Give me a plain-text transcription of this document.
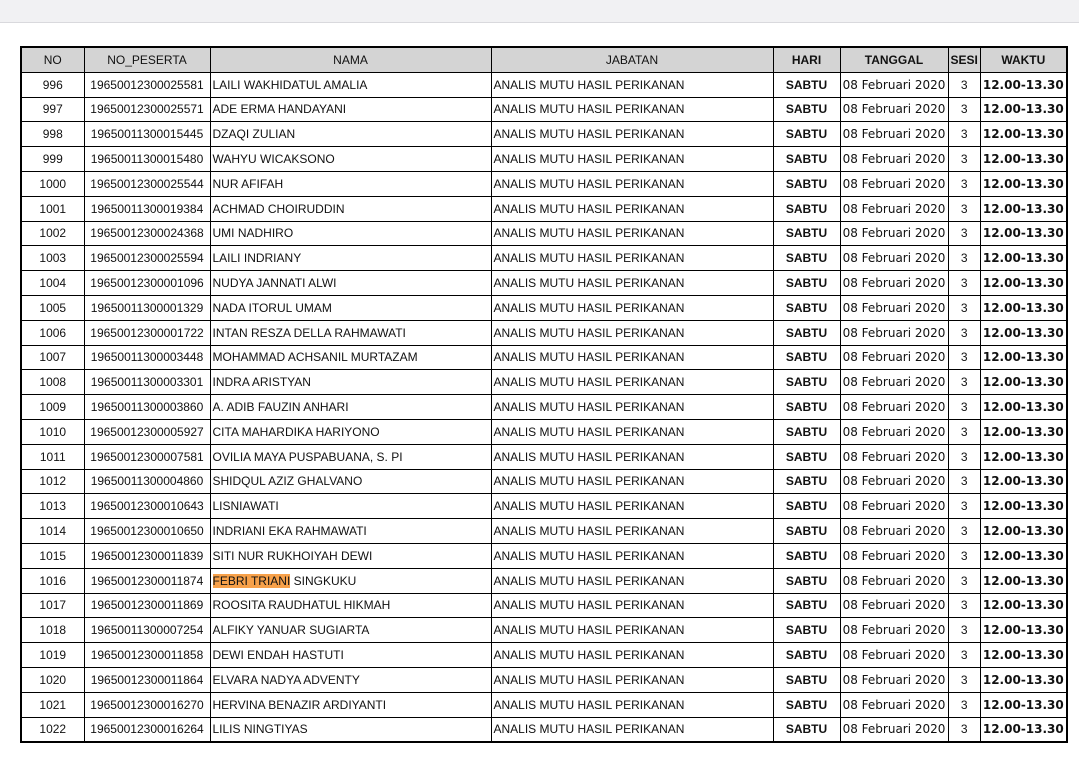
NO	NO_PESERTA	NAMA	JABATAN	HARI	TANGGAL	SESI	WAKTU
996	19650012300025581	LAILI WAKHIDATUL AMALIA	ANALIS MUTU HASIL PERIKANAN	SABTU	08 Februari 2020	3	12.00-13.30
997	19650012300025571	ADE ERMA HANDAYANI	ANALIS MUTU HASIL PERIKANAN	SABTU	08 Februari 2020	3	12.00-13.30
998	19650011300015445	DZAQI ZULIAN	ANALIS MUTU HASIL PERIKANAN	SABTU	08 Februari 2020	3	12.00-13.30
999	19650011300015480	WAHYU WICAKSONO	ANALIS MUTU HASIL PERIKANAN	SABTU	08 Februari 2020	3	12.00-13.30
1000	19650012300025544	NUR AFIFAH	ANALIS MUTU HASIL PERIKANAN	SABTU	08 Februari 2020	3	12.00-13.30
1001	19650011300019384	ACHMAD CHOIRUDDIN	ANALIS MUTU HASIL PERIKANAN	SABTU	08 Februari 2020	3	12.00-13.30
1002	19650012300024368	UMI NADHIRO	ANALIS MUTU HASIL PERIKANAN	SABTU	08 Februari 2020	3	12.00-13.30
1003	19650012300025594	LAILI INDRIANY	ANALIS MUTU HASIL PERIKANAN	SABTU	08 Februari 2020	3	12.00-13.30
1004	19650012300001096	NUDYA JANNATI ALWI	ANALIS MUTU HASIL PERIKANAN	SABTU	08 Februari 2020	3	12.00-13.30
1005	19650011300001329	NADA ITORUL UMAM	ANALIS MUTU HASIL PERIKANAN	SABTU	08 Februari 2020	3	12.00-13.30
1006	19650012300001722	INTAN RESZA DELLA RAHMAWATI	ANALIS MUTU HASIL PERIKANAN	SABTU	08 Februari 2020	3	12.00-13.30
1007	19650011300003448	MOHAMMAD ACHSANIL MURTAZAM	ANALIS MUTU HASIL PERIKANAN	SABTU	08 Februari 2020	3	12.00-13.30
1008	19650011300003301	INDRA ARISTYAN	ANALIS MUTU HASIL PERIKANAN	SABTU	08 Februari 2020	3	12.00-13.30
1009	19650011300003860	A. ADIB FAUZIN ANHARI	ANALIS MUTU HASIL PERIKANAN	SABTU	08 Februari 2020	3	12.00-13.30
1010	19650012300005927	CITA MAHARDIKA HARIYONO	ANALIS MUTU HASIL PERIKANAN	SABTU	08 Februari 2020	3	12.00-13.30
1011	19650012300007581	OVILIA MAYA PUSPABUANA, S. PI	ANALIS MUTU HASIL PERIKANAN	SABTU	08 Februari 2020	3	12.00-13.30
1012	19650011300004860	SHIDQUL AZIZ GHALVANO	ANALIS MUTU HASIL PERIKANAN	SABTU	08 Februari 2020	3	12.00-13.30
1013	19650012300010643	LISNIAWATI	ANALIS MUTU HASIL PERIKANAN	SABTU	08 Februari 2020	3	12.00-13.30
1014	19650012300010650	INDRIANI EKA RAHMAWATI	ANALIS MUTU HASIL PERIKANAN	SABTU	08 Februari 2020	3	12.00-13.30
1015	19650012300011839	SITI NUR RUKHOIYAH DEWI	ANALIS MUTU HASIL PERIKANAN	SABTU	08 Februari 2020	3	12.00-13.30
1016	19650012300011874	FEBRI TRIANI SINGKUKU	ANALIS MUTU HASIL PERIKANAN	SABTU	08 Februari 2020	3	12.00-13.30
1017	19650012300011869	ROOSITA RAUDHATUL HIKMAH	ANALIS MUTU HASIL PERIKANAN	SABTU	08 Februari 2020	3	12.00-13.30
1018	19650011300007254	ALFIKY YANUAR SUGIARTA	ANALIS MUTU HASIL PERIKANAN	SABTU	08 Februari 2020	3	12.00-13.30
1019	19650012300011858	DEWI ENDAH HASTUTI	ANALIS MUTU HASIL PERIKANAN	SABTU	08 Februari 2020	3	12.00-13.30
1020	19650012300011864	ELVARA NADYA ADVENTY	ANALIS MUTU HASIL PERIKANAN	SABTU	08 Februari 2020	3	12.00-13.30
1021	19650012300016270	HERVINA BENAZIR ARDIYANTI	ANALIS MUTU HASIL PERIKANAN	SABTU	08 Februari 2020	3	12.00-13.30
1022	19650012300016264	LILIS NINGTIYAS	ANALIS MUTU HASIL PERIKANAN	SABTU	08 Februari 2020	3	12.00-13.30
